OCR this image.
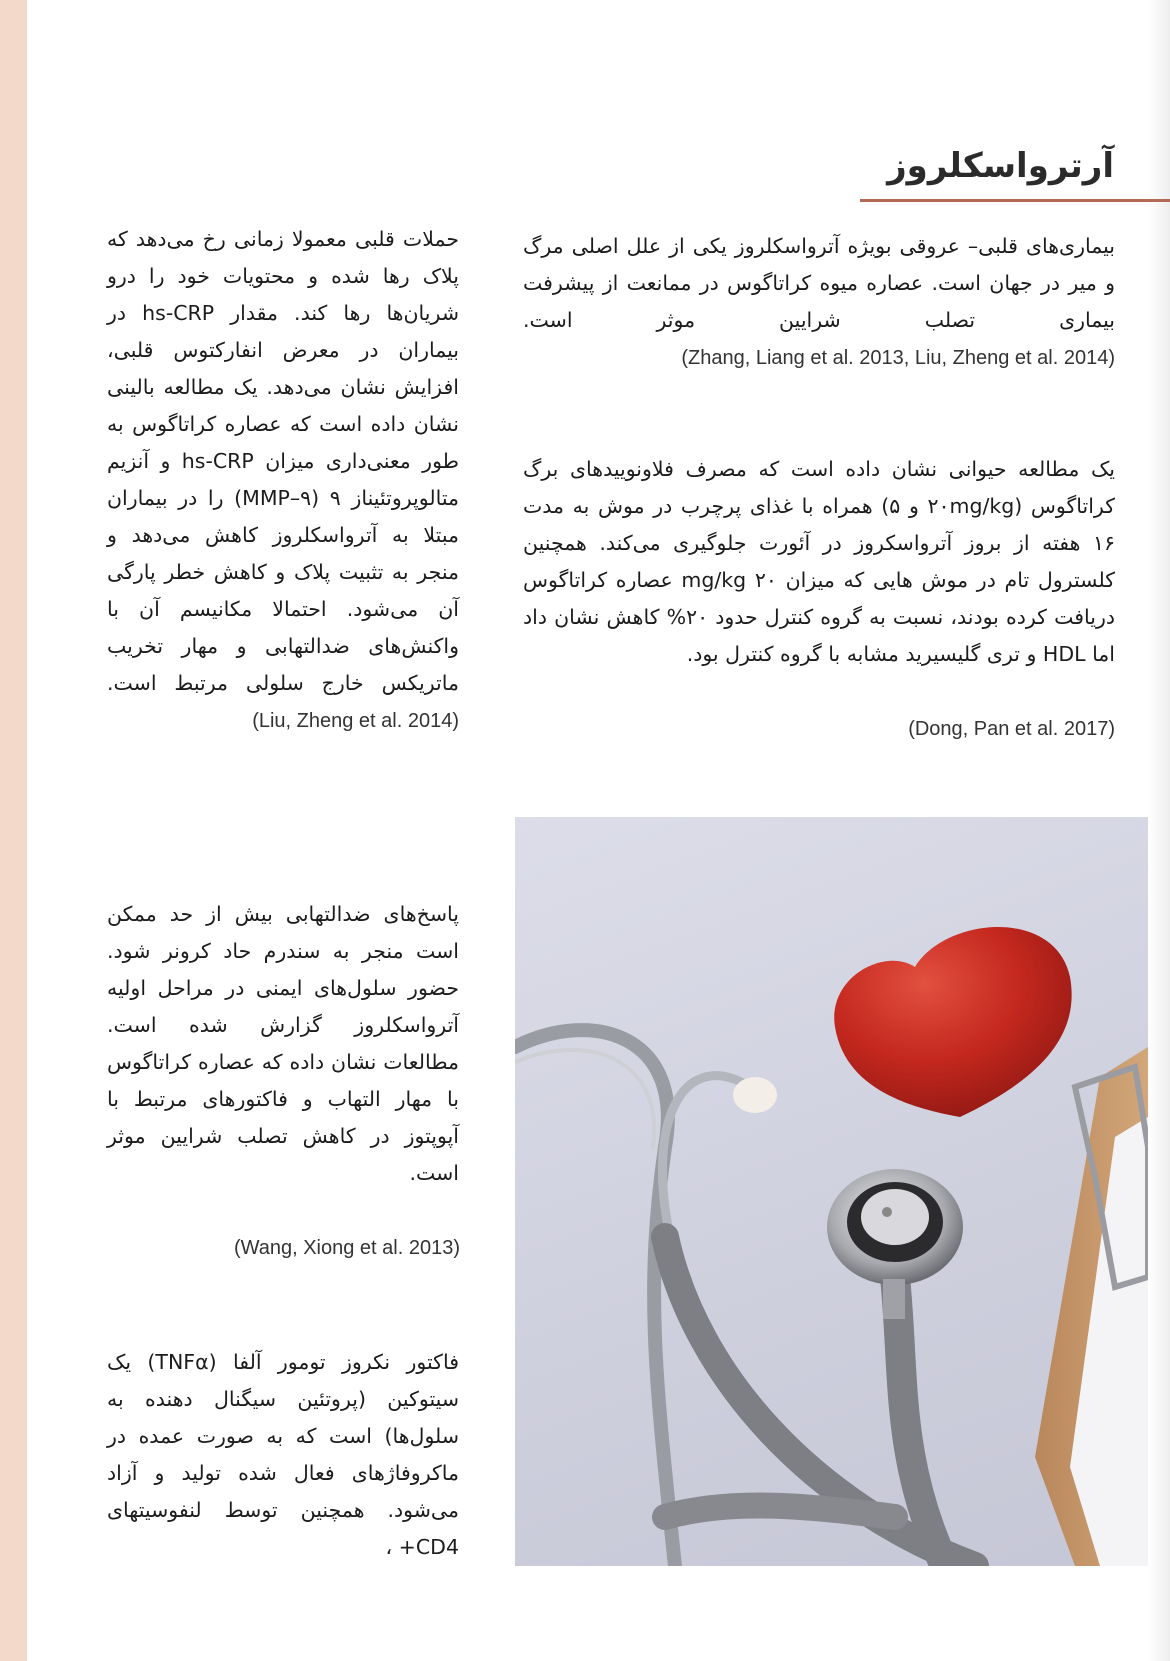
آرترواسکلروز

بیماری‌های قلبی– عروقی بویژه آترواسکلروز یکی از علل اصلی مرگ و میر در جهان است. عصاره میوه کراتاگوس در ممانعت از پیشرفت بیماری تصلب شرایین موثر است.(Zhang, Liang et al. 2013, Liu, Zheng et al. 2014)

یک مطالعه حیوانی نشان داده است که مصرف فلاونوییدهای برگ کراتاگوس (۲۰mg/kg و ۵) همراه با غذای پرچرب در موش به مدت ۱۶ هفته از بروز آترواسکروز در آئورت جلوگیری می‌کند. همچنین کلسترول تام در موش هایی که میزان ۲۰ mg/kg عصاره کراتاگوس دریافت کرده بودند، نسبت به گروه کنترل حدود ۲۰% کاهش نشان داد اما HDL و تری گلیسیرید مشابه با گروه کنترل بود.

(Dong, Pan et al. 2017)

حملات قلبی معمولا زمانی رخ می‌دهد که پلاک رها شده و محتویات خود را درو شریان‌ها رها کند. مقدار hs-CRP در بیماران در معرض انفارکتوس قلبی، افزایش نشان می‌دهد. یک مطالعه بالینی نشان داده است که عصاره کراتاگوس به طور معنی‌داری میزان hs-CRP و آنزیم متالوپروتئیناز ۹ (MMP–۹) را در بیماران مبتلا به آترواسکلروز کاهش می‌دهد و منجر به تثبیت پلاک و کاهش خطر پارگی آن می‌شود. احتمالا مکانیسم آن با واکنش‌های ضدالتهابی و مهار تخریب ماتریکس خارج سلولی مرتبط است.(Liu, Zheng et al. 2014)

پاسخ‌های ضدالتهابی بیش از حد ممکن است منجر به سندرم حاد کرونر شود. حضور سلول‌های ایمنی در مراحل اولیه آترواسکلروز گزارش شده است. مطالعات نشان داده که عصاره کراتاگوس با مهار التهاب و فاکتورهای مرتبط با آپوپتوز در کاهش تصلب شرایین موثر است.

(Wang, Xiong et al. 2013)

فاکتور نکروز تومور آلفا (TNFα) یک سیتوکین (پروتئین سیگنال دهنده به سلول‌ها) است که به صورت عمده در ماکروفاژهای فعال شده تولید و آزاد می‌شود. همچنین توسط لنفوسیتهای CD4+ ،
